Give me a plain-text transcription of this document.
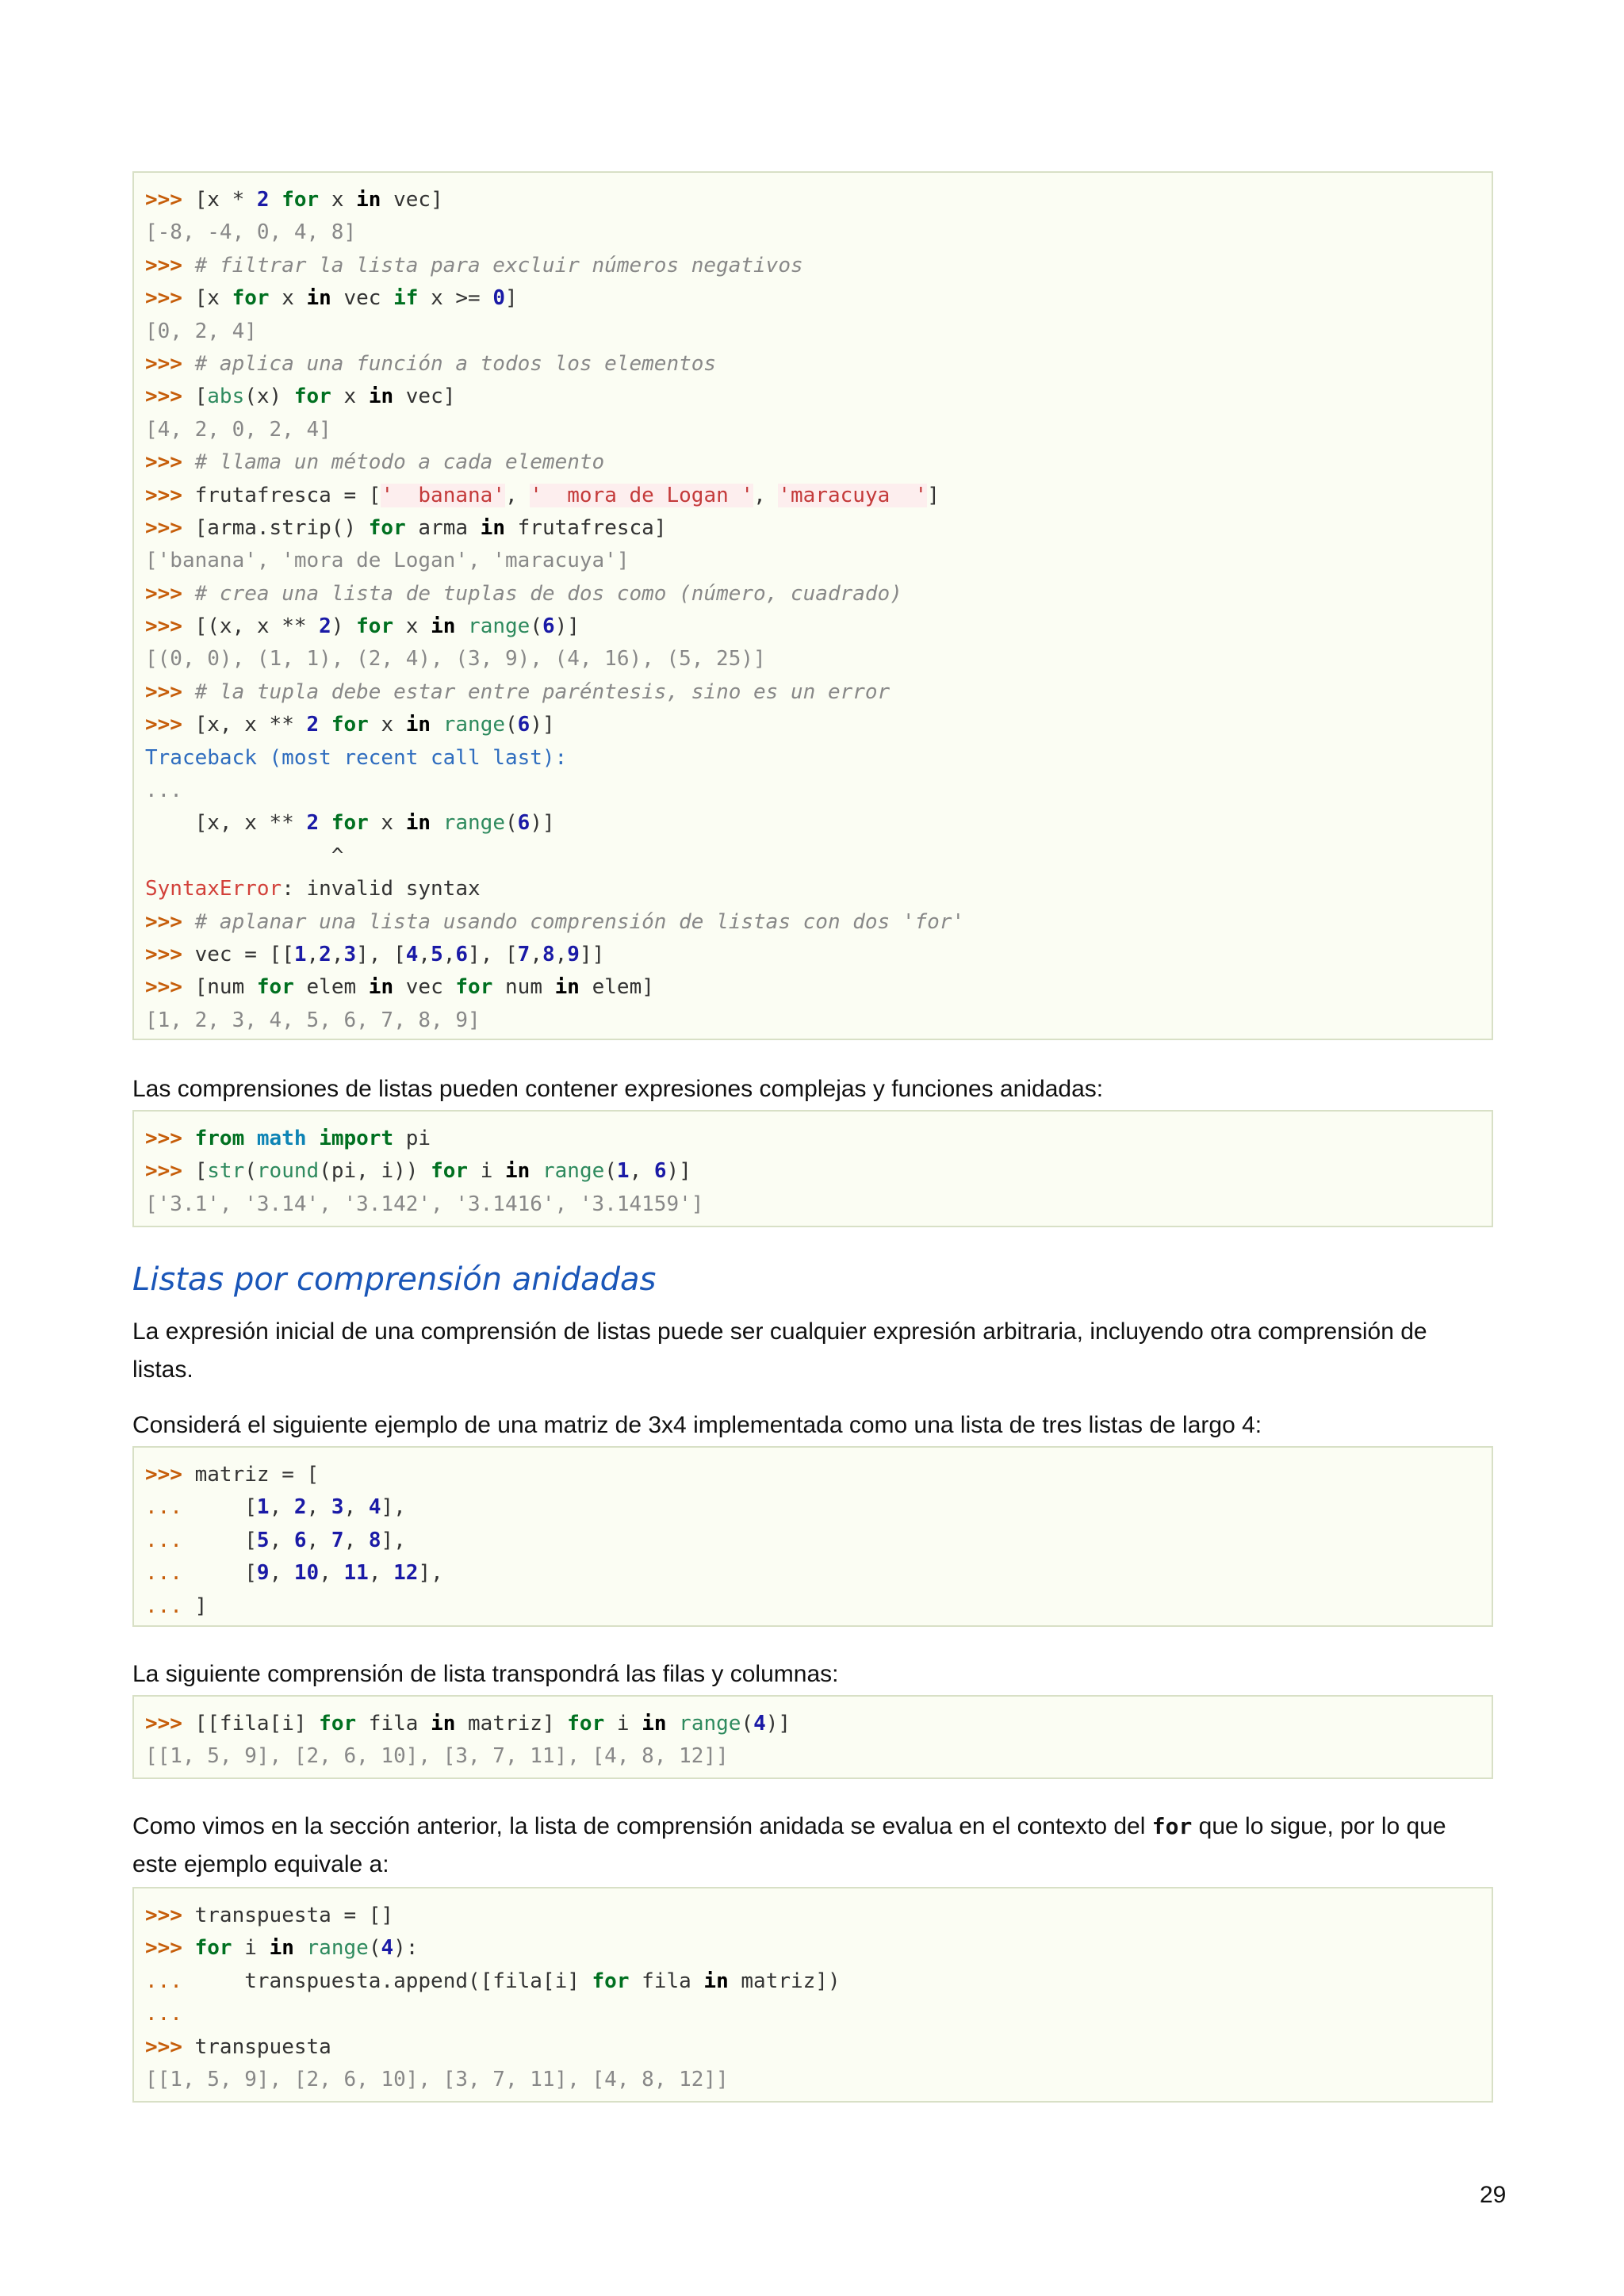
>>> [x * 2 for x in vec]
[-8, -4, 0, 4, 8]
>>> # filtrar la lista para excluir números negativos
>>> [x for x in vec if x >= 0]
[0, 2, 4]
>>> # aplica una función a todos los elementos
>>> [abs(x) for x in vec]
[4, 2, 0, 2, 4]
>>> # llama un método a cada elemento
>>> frutafresca = ['  banana', '  mora de Logan ', 'maracuya  ']
>>> [arma.strip() for arma in frutafresca]
['banana', 'mora de Logan', 'maracuya']
>>> # crea una lista de tuplas de dos como (número, cuadrado)
>>> [(x, x ** 2) for x in range(6)]
[(0, 0), (1, 1), (2, 4), (3, 9), (4, 16), (5, 25)]
>>> # la tupla debe estar entre paréntesis, sino es un error
>>> [x, x ** 2 for x in range(6)]
Traceback (most recent call last):
...
[x, x ** 2 for x in range(6)]
^
SyntaxError: invalid syntax
>>> # aplanar una lista usando comprensión de listas con dos 'for'
>>> vec = [[1,2,3], [4,5,6], [7,8,9]]
>>> [num for elem in vec for num in elem]
[1, 2, 3, 4, 5, 6, 7, 8, 9]

Las comprensiones de listas pueden contener expresiones complejas y funciones anidadas:

>>> from math import pi
>>> [str(round(pi, i)) for i in range(1, 6)]
['3.1', '3.14', '3.142', '3.1416', '3.14159']
Listas por comprensión anidadas

La expresión inicial de una comprensión de listas puede ser cualquier expresión arbitraria, incluyendo otra comprensión de listas.

Considerá el siguiente ejemplo de una matriz de 3x4 implementada como una lista de tres listas de largo 4:

>>> matriz = [
...     [1, 2, 3, 4],
...     [5, 6, 7, 8],
...     [9, 10, 11, 12],
... ]

La siguiente comprensión de lista transpondrá las filas y columnas:

>>> [[fila[i] for fila in matriz] for i in range(4)]
[[1, 5, 9], [2, 6, 10], [3, 7, 11], [4, 8, 12]]

Como vimos en la sección anterior, la lista de comprensión anidada se evalua en el contexto del for que lo sigue, por lo que este ejemplo equivale a:

>>> transpuesta = []
>>> for i in range(4):
...     transpuesta.append([fila[i] for fila in matriz])
...
>>> transpuesta
[[1, 5, 9], [2, 6, 10], [3, 7, 11], [4, 8, 12]]
29
